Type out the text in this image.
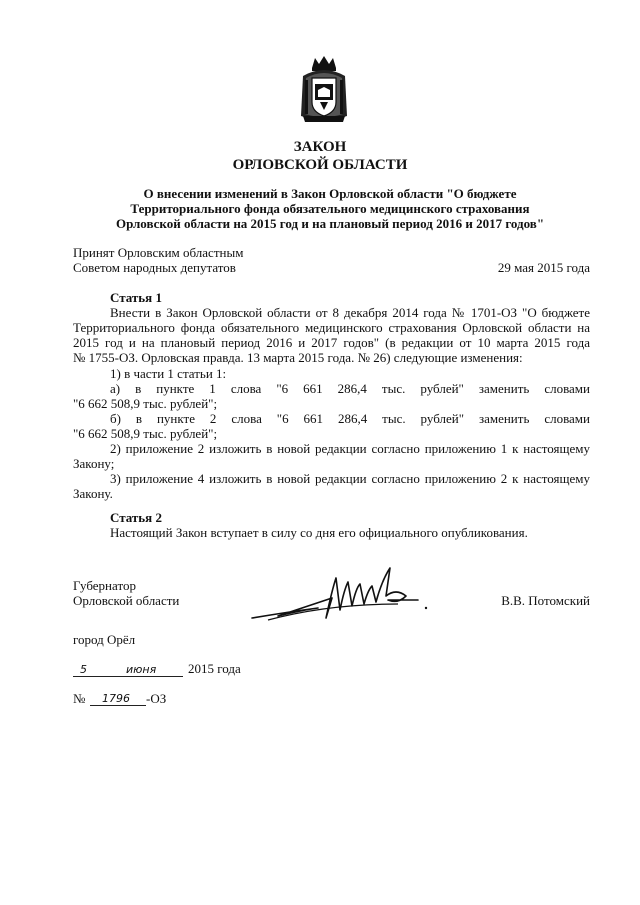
ЗАКОН
ОРЛОВСКОЙ ОБЛАСТИ
О внесении изменений в Закон Орловской области "О бюджете
Территориального фонда обязательного медицинского страхования
Орловской области на 2015 год и на плановый период 2016 и 2017 годов"
Принят Орловским областным
Советом народных депутатов	29 мая 2015 года
Статья 1
Внести в Закон Орловской области от 8 декабря 2014 года № 1701-ОЗ "О бюджете
Территориального фонда обязательного медицинского страхования Орловской области на
2015 год и на плановый период 2016 и 2017 годов" (в редакции от 10 марта 2015 года
№ 1755-ОЗ. Орловская правда. 13 марта 2015 года. № 26) следующие изменения:
1) в части 1 статьи 1:
а) в пункте 1 слова "6 661 286,4 тыс. рублей" заменить словами
"6 662 508,9 тыс. рублей";
б) в пункте 2 слова "6 661 286,4 тыс. рублей" заменить словами
"6 662 508,9 тыс. рублей";
2) приложение 2 изложить в новой редакции согласно приложению 1 к настоящему
Закону;
3) приложение 4 изложить в новой редакции согласно приложению 2 к настоящему
Закону.
Статья 2
Настоящий Закон вступает в силу со дня его официального опубликования.
Губернатор
Орловской области	В.В. Потомский
город Орёл
5	июня 2015 года
№ 1796 -ОЗ
